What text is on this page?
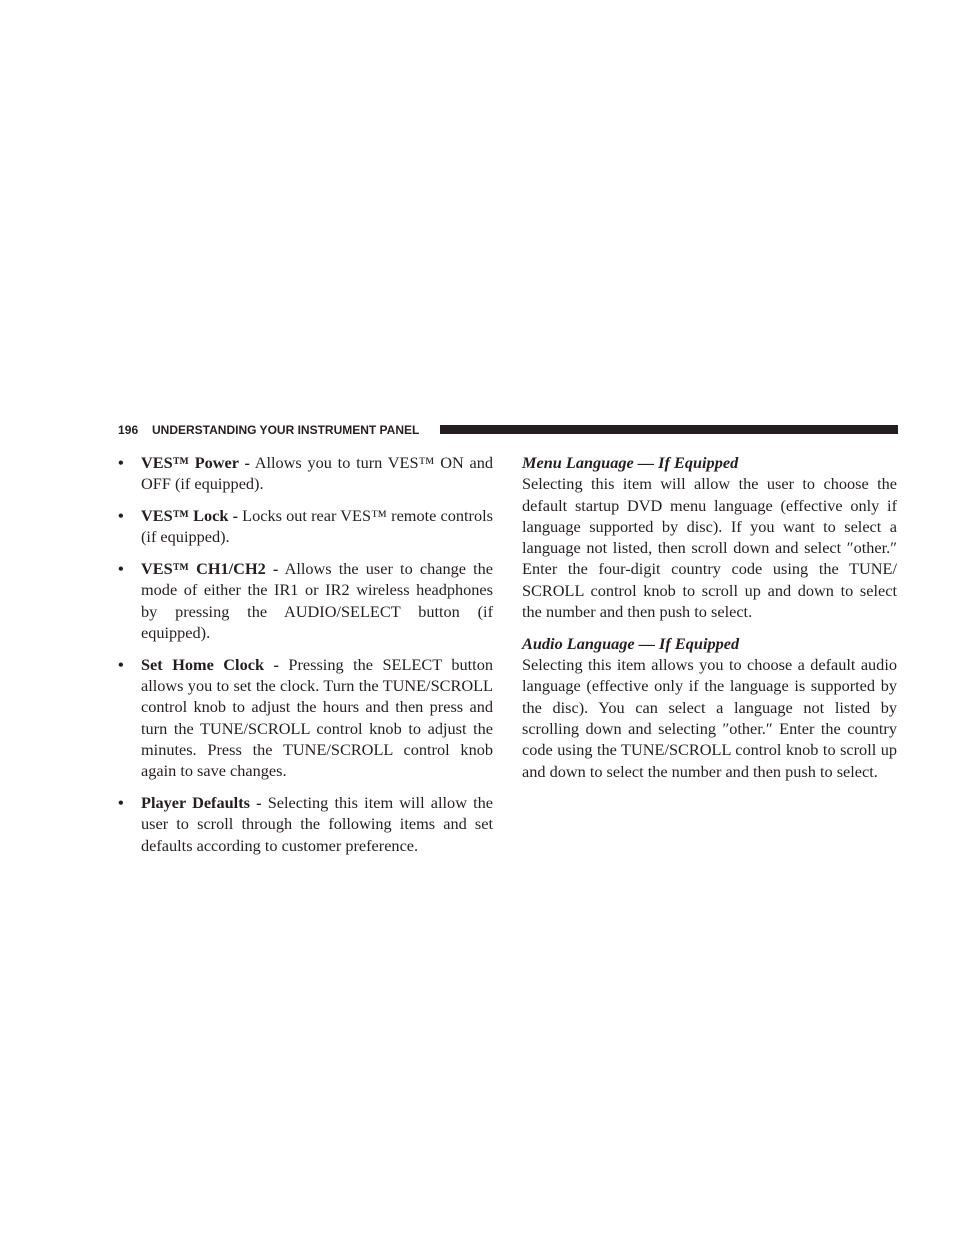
196 UNDERSTANDING YOUR INSTRUMENT PANEL
• VES™ Power - Allows you to turn VES™ ON and OFF (if equipped).
• VES™ Lock - Locks out rear VES™ remote controls (if equipped).
• VES™ CH1/CH2 - Allows the user to change the mode of either the IR1 or IR2 wireless headphones by pressing the AUDIO/SELECT button (if equipped).
• Set Home Clock - Pressing the SELECT button allows you to set the clock. Turn the TUNE/SCROLL control knob to adjust the hours and then press and turn the TUNE/SCROLL control knob to adjust the minutes. Press the TUNE/SCROLL control knob again to save changes.
• Player Defaults - Selecting this item will allow the user to scroll through the following items and set defaults according to customer preference.

Menu Language — If Equipped

Selecting this item will allow the user to choose the default startup DVD menu language (effective only if language supported by disc). If you want to select a language not listed, then scroll down and select ″other.″ Enter the four-digit country code using the TUNE/ SCROLL control knob to scroll up and down to select the number and then push to select.

Audio Language — If Equipped

Selecting this item allows you to choose a default audio language (effective only if the language is supported by the disc). You can select a language not listed by scrolling down and selecting ″other.″ Enter the country code using the TUNE/SCROLL control knob to scroll up and down to select the number and then push to select.
